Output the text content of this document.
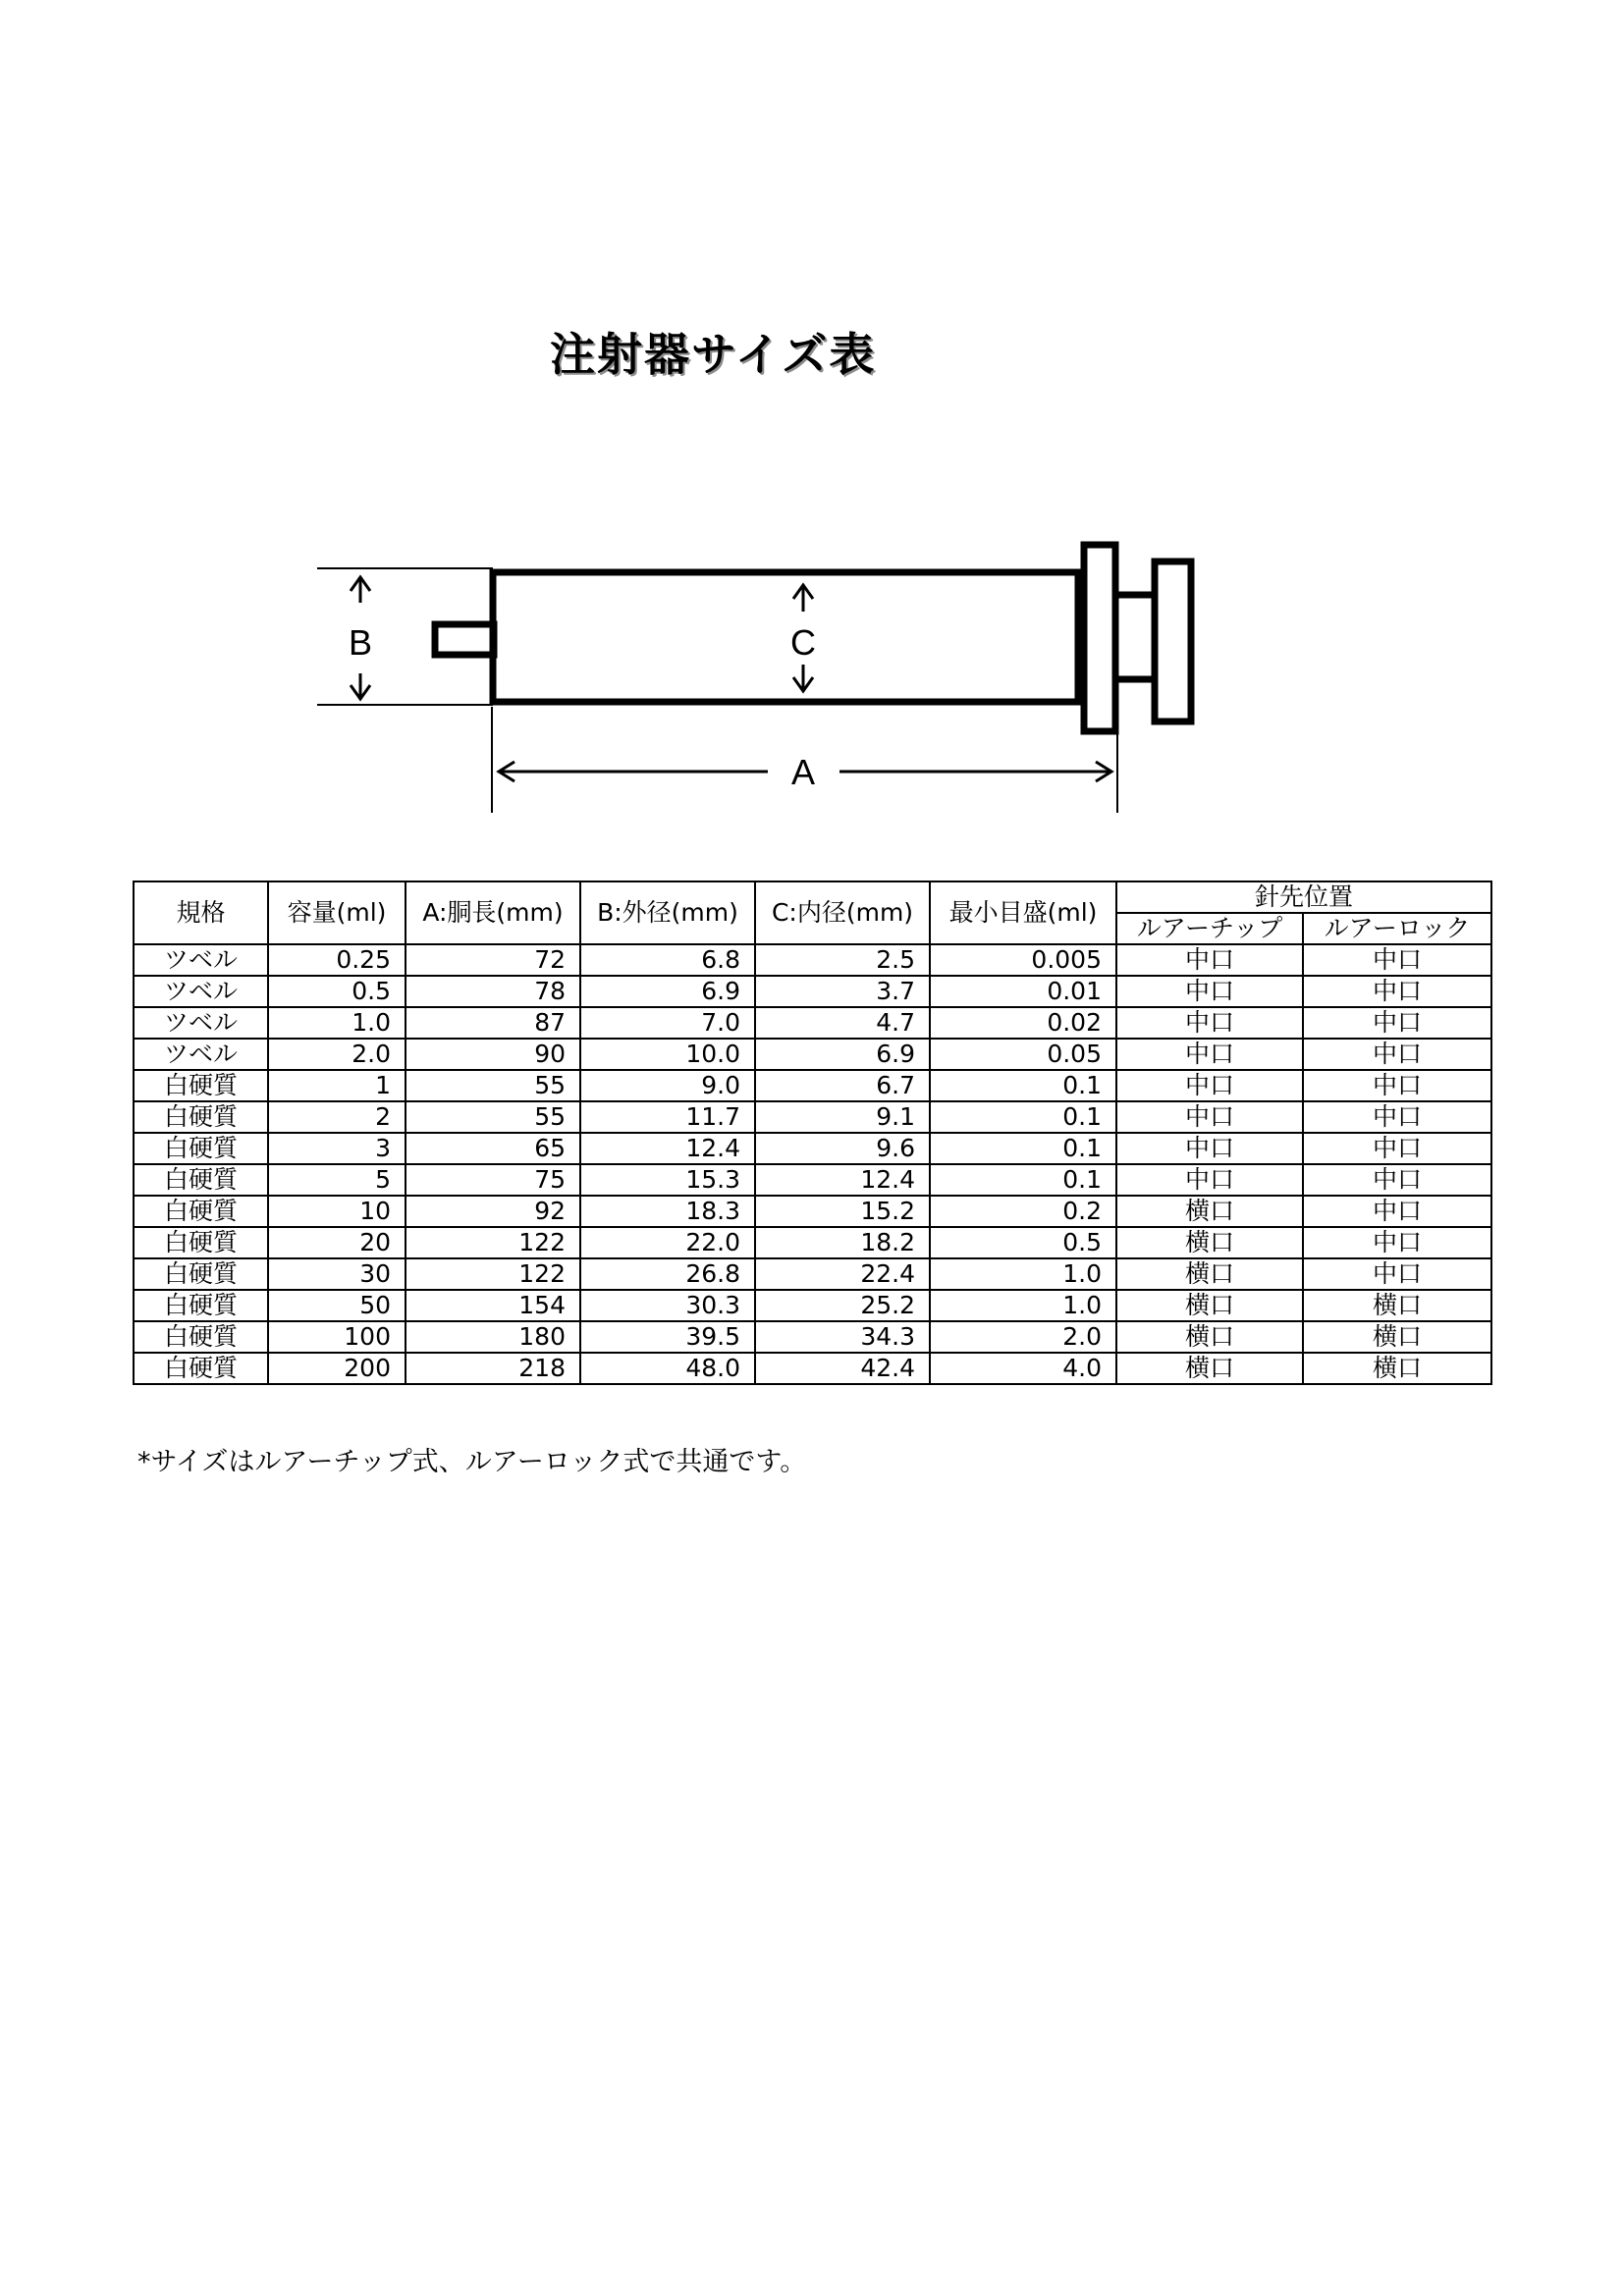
注射器サイズ表
B	C
A
規格	容量(ml)	A:胴長(mm)	B:外径(mm)	C:内径(mm)	最小目盛(ml)	針先位置	
						ルアーチップ	ルアーロック
ツベル	0.25	72	6.8	2.5	0.005	中口	中口
ツベル	0.5	78	6.9	3.7	0.01	中口	中口
ツベル	1.0	87	7.0	4.7	0.02	中口	中口
ツベル	2.0	90	10.0	6.9	0.05	中口	中口
白硬質	1	55	9.0	6.7	0.1	中口	中口
白硬質	2	55	11.7	9.1	0.1	中口	中口
白硬質	3	65	12.4	9.6	0.1	中口	中口
白硬質	5	75	15.3	12.4	0.1	中口	中口
白硬質	10	92	18.3	15.2	0.2	横口	中口
白硬質	20	122	22.0	18.2	0.5	横口	中口
白硬質	30	122	26.8	22.4	1.0	横口	中口
白硬質	50	154	30.3	25.2	1.0	横口	横口
白硬質	100	180	39.5	34.3	2.0	横口	横口
白硬質	200	218	48.0	42.4	4.0	横口	横口
*サイズはルアーチップ式、ルアーロック式で共通です。
